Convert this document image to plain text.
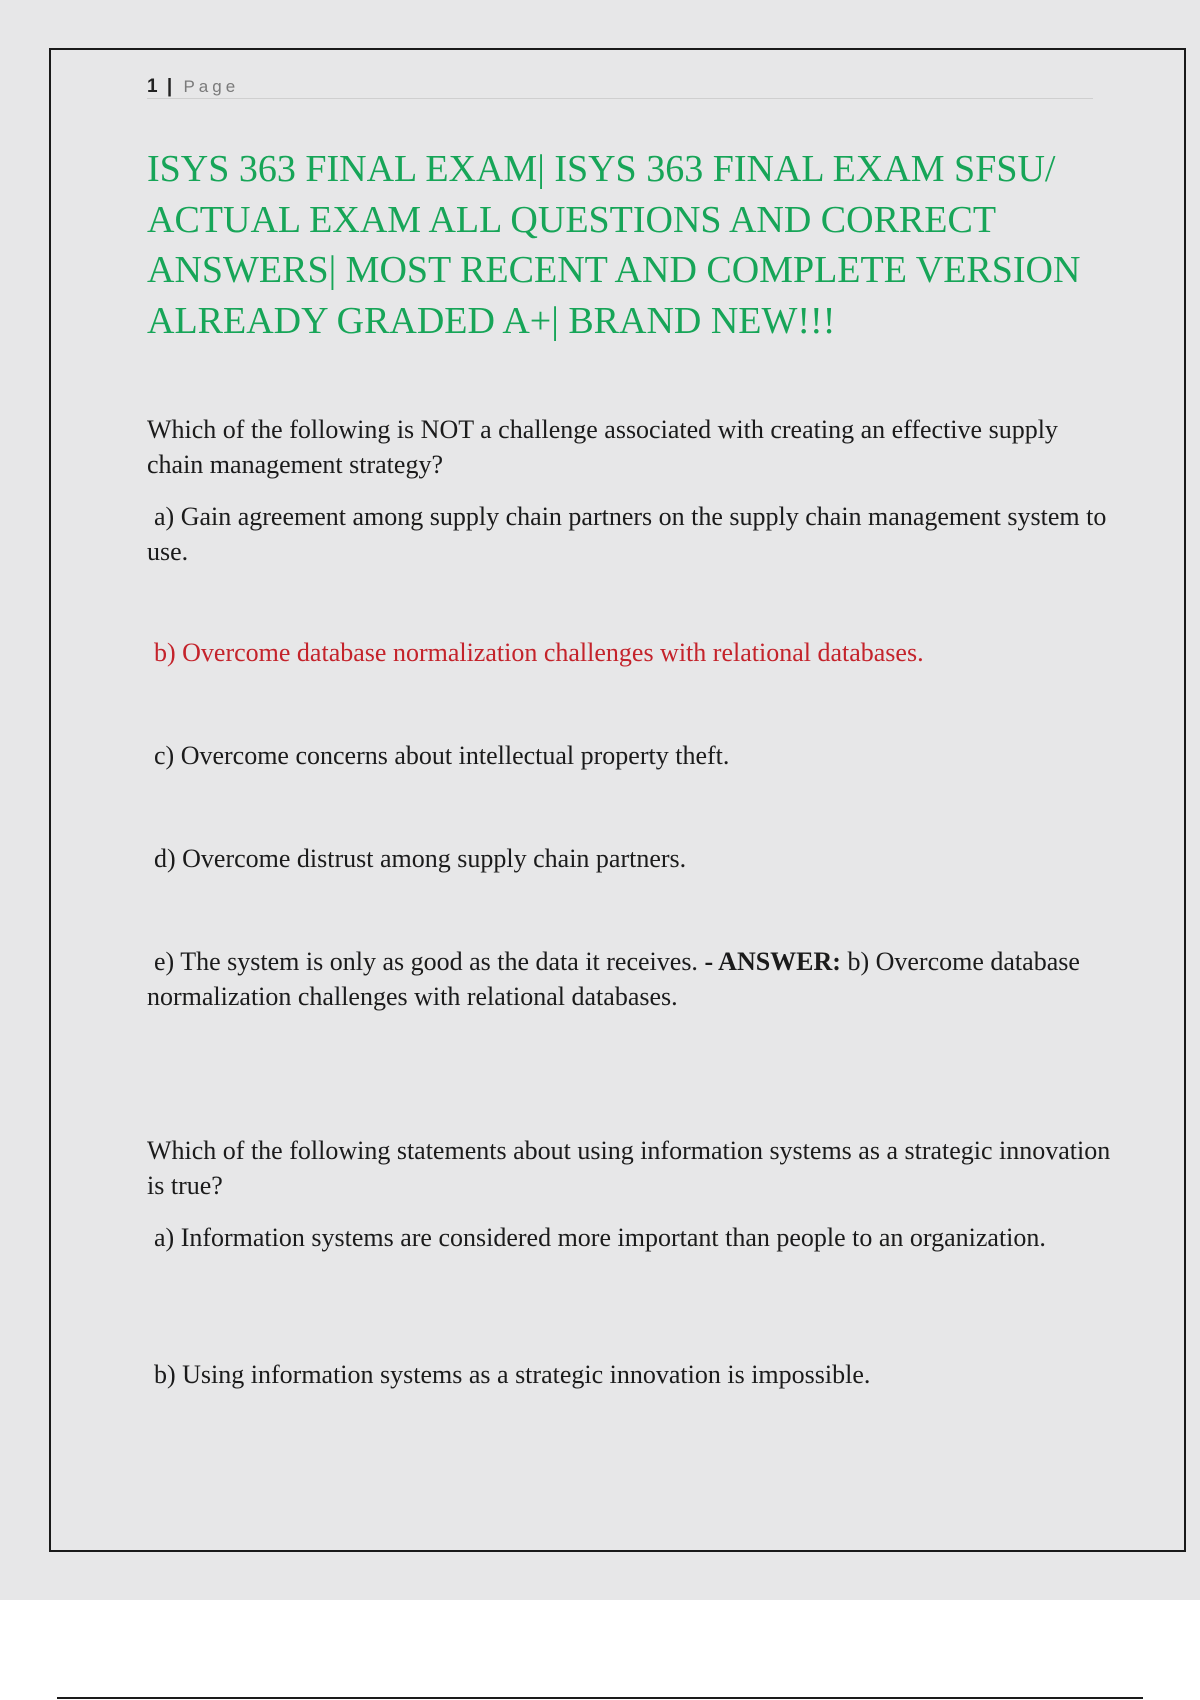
1 | Page
ISYS 363 FINAL EXAM| ISYS 363 FINAL EXAM SFSU/ ACTUAL EXAM ALL QUESTIONS AND CORRECT ANSWERS| MOST RECENT AND COMPLETE VERSION ALREADY GRADED A+| BRAND NEW!!!

Which of the following is NOT a challenge associated with creating an effective supply chain management strategy?

a) Gain agreement among supply chain partners on the supply chain management system to use.

b) Overcome database normalization challenges with relational databases.

c) Overcome concerns about intellectual property theft.

d) Overcome distrust among supply chain partners.

e) The system is only as good as the data it receives. - ANSWER: b) Overcome database normalization challenges with relational databases.

Which of the following statements about using information systems as a strategic innovation is true?

a) Information systems are considered more important than people to an organization.

b) Using information systems as a strategic innovation is impossible.
